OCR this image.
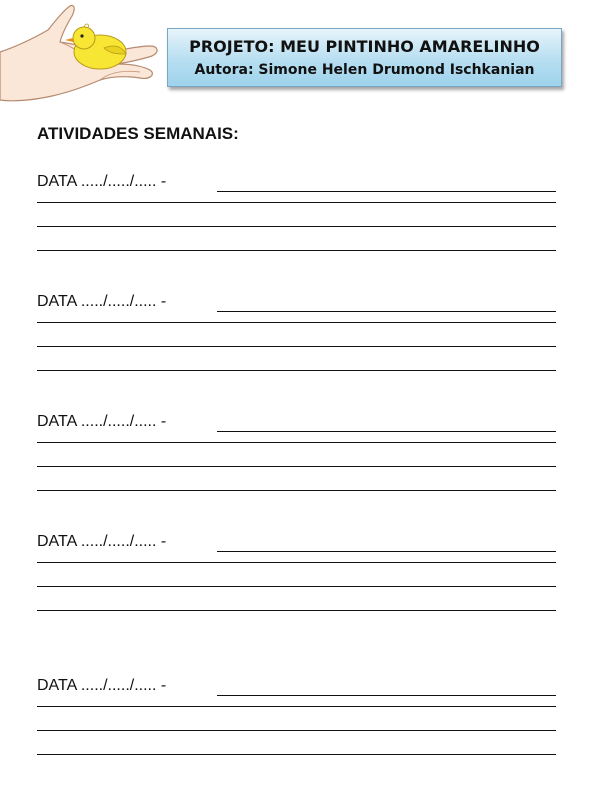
PROJETO: MEU PINTINHO AMARELINHO
Autora: Simone Helen Drumond Ischkanian
ATIVIDADES SEMANAIS:
DATA ...../...../..... -
DATA ...../...../..... -
DATA ...../...../..... -
DATA ...../...../..... -
DATA ...../...../..... -
